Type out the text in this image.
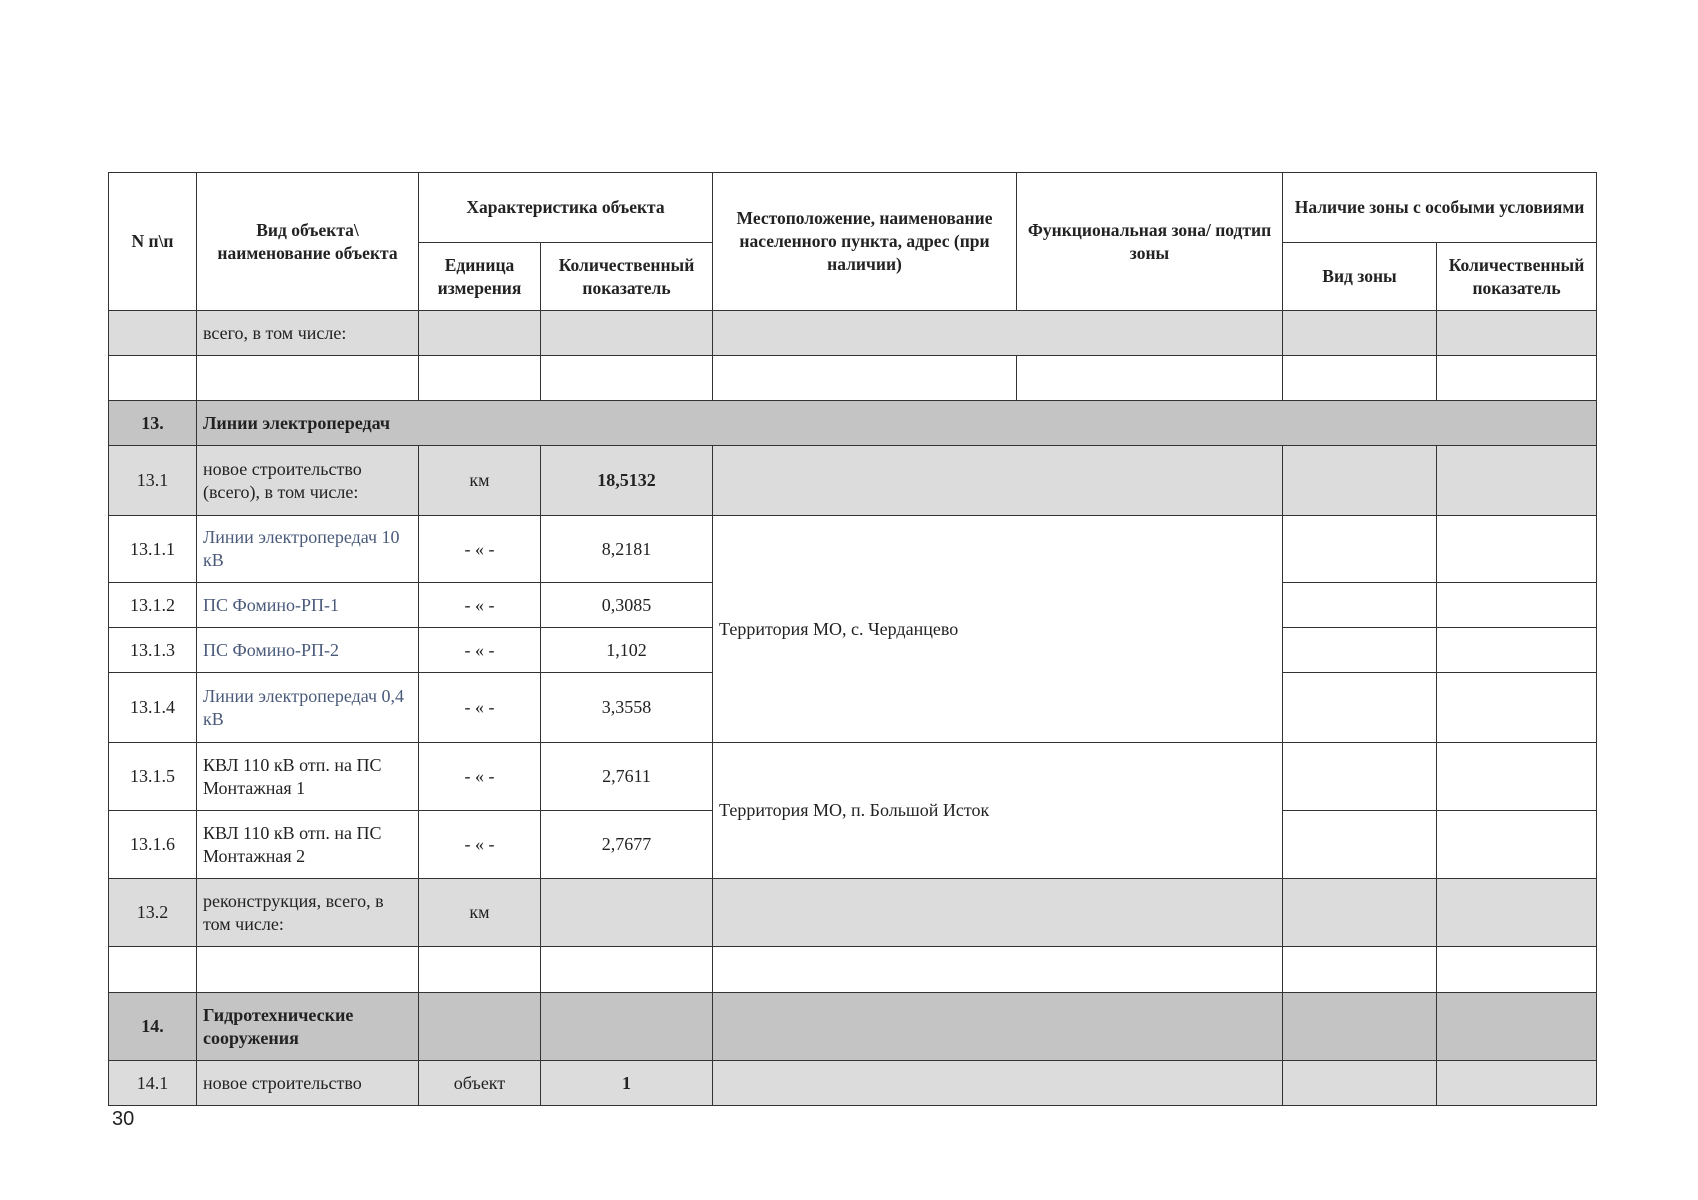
N п\п	Вид объекта\ наименование объекта	Характеристика объекта		Местоположение, наименование населенного пункта, адрес (при наличии)	Функциональная зона/ подтип зоны	Наличие зоны с особыми условиями	
		Единица измерения	Количественный показатель			Вид зоны	Количественный показатель
	всего, в том числе:						

13.	Линии электропередач						
13.1	новое строительство (всего), в том числе:	км	18,5132				
13.1.1	Линии электропередач 10 кВ	- « -	8,2181	Территория МО, с. Черданцево			
13.1.2	ПС Фомино-РП-1	- « -	0,3085				
13.1.3	ПС Фомино-РП-2	- « -	1,102				
13.1.4	Линии электропередач 0,4 кВ	- « -	3,3558				
13.1.5	КВЛ 110 кВ отп. на ПС Монтажная 1	- « -	2,7611	Территория МО, п. Большой Исток			
13.1.6	КВЛ 110 кВ отп. на ПС Монтажная 2	- « -	2,7677				
13.2	реконструкция, всего, в том числе:	км					

14.	Гидротехнические сооружения						
14.1	новое строительство	объект	1				
30
